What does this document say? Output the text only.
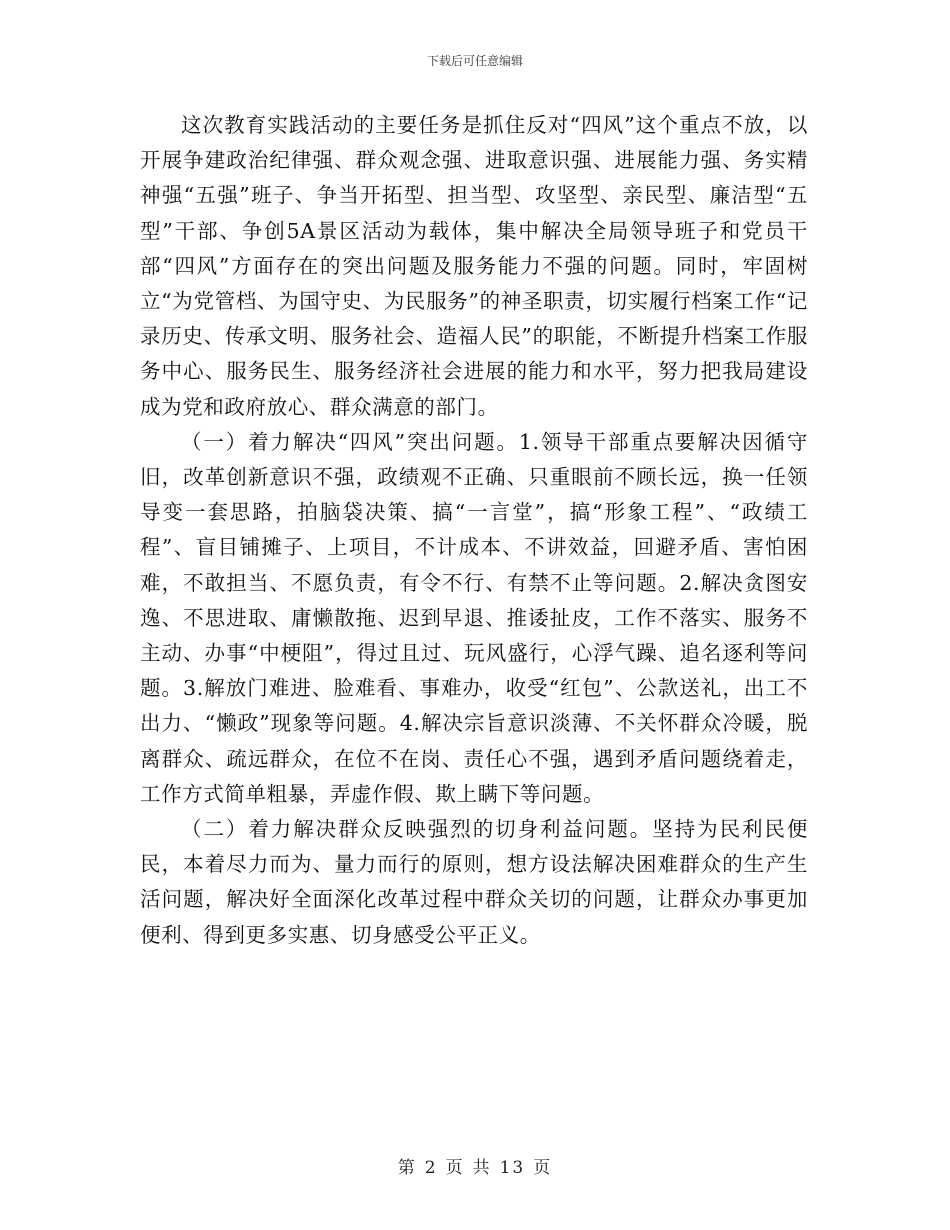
下载后可任意编辑

这次教育实践活动的主要任务是抓住反对“四风”这个重点不放，以开展争建政治纪律强、群众观念强、进取意识强、进展能力强、务实精神强“五强”班子、争当开拓型、担当型、攻坚型、亲民型、廉洁型“五型”干部、争创5A景区活动为载体，集中解决全局领导班子和党员干部“四风”方面存在的突出问题及服务能力不强的问题。同时，牢固树立“为党管档、为国守史、为民服务”的神圣职责，切实履行档案工作“记录历史、传承文明、服务社会、造福人民”的职能，不断提升档案工作服务中心、服务民生、服务经济社会进展的能力和水平，努力把我局建设成为党和政府放心、群众满意的部门。

（一）着力解决“四风”突出问题。1.领导干部重点要解决因循守旧，改革创新意识不强，政绩观不正确、只重眼前不顾长远，换一任领导变一套思路，拍脑袋决策、搞“一言堂”，搞“形象工程”、“政绩工程”、盲目铺摊子、上项目，不计成本、不讲效益，回避矛盾、害怕困难，不敢担当、不愿负责，有令不行、有禁不止等问题。2.解决贪图安逸、不思进取、庸懒散拖、迟到早退、推诿扯皮，工作不落实、服务不主动、办事“中梗阻”，得过且过、玩风盛行，心浮气躁、追名逐利等问题。3.解放门难进、脸难看、事难办，收受“红包”、公款送礼，出工不出力、“懒政”现象等问题。4.解决宗旨意识淡薄、不关怀群众冷暖，脱离群众、疏远群众，在位不在岗、责任心不强，遇到矛盾问题绕着走，工作方式简单粗暴，弄虚作假、欺上瞒下等问题。

（二）着力解决群众反映强烈的切身利益问题。坚持为民利民便民，本着尽力而为、量力而行的原则，想方设法解决困难群众的生产生活问题，解决好全面深化改革过程中群众关切的问题，让群众办事更加便利、得到更多实惠、切身感受公平正义。

第 2 页 共 13 页
